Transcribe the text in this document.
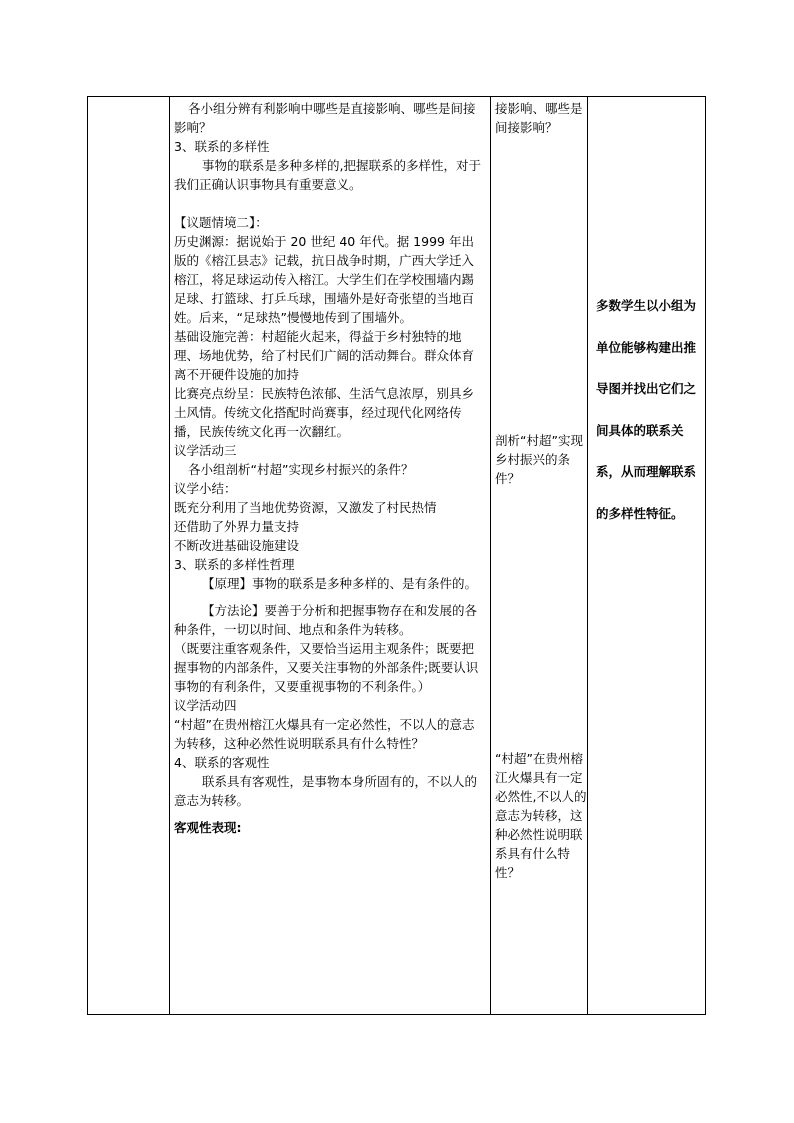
各小组分辨有利影响中哪些是直接影响、哪些是间接影响？

3、联系的多样性

事物的联系是多种多样的,把握联系的多样性，对于我们正确认识事物具有重要意义。

【议题情境二】：

历史渊源：据说始于 20 世纪 40 年代。据 1999 年出版的《榕江县志》记载，抗日战争时期，广西大学迁入榕江，将足球运动传入榕江。大学生们在学校围墙内踢足球、打篮球、打乒乓球，围墙外是好奇张望的当地百姓。后来，“足球热”慢慢地传到了围墙外。

基础设施完善：村超能火起来，得益于乡村独特的地理、场地优势，给了村民们广阔的活动舞台。群众体育离不开硬件设施的加持

比赛亮点纷呈：民族特色浓郁、生活气息浓厚，别具乡土风情。传统文化搭配时尚赛事，经过现代化网络传播，民族传统文化再一次翻红。

议学活动三

各小组剖析“村超”实现乡村振兴的条件？

议学小结：

既充分利用了当地优势资源，又激发了村民热情

还借助了外界力量支持

不断改进基础设施建设

3、联系的多样性哲理

【原理】事物的联系是多种多样的、是有条件的。

【方法论】要善于分析和把握事物存在和发展的各种条件，一切以时间、地点和条件为转移。

（既要注重客观条件，又要恰当运用主观条件；既要把握事物的内部条件，又要关注事物的外部条件;既要认识事物的有利条件，又要重视事物的不利条件。）

议学活动四

“村超”在贵州榕江火爆具有一定必然性，不以人的意志为转移，这种必然性说明联系具有什么特性？

4、联系的客观性

联系具有客观性，是事物本身所固有的，不以人的意志为转移。

客观性表现:

接影响、哪些是间接影响？

剖析“村超”实现乡村振兴的条件？

“村超”在贵州榕江火爆具有一定必然性,不以人的意志为转移，这种必然性说明联系具有什么特性？

多数学生以小组为单位能够构建出推导图并找出它们之间具体的联系关系，从而理解联系的多样性特征。
